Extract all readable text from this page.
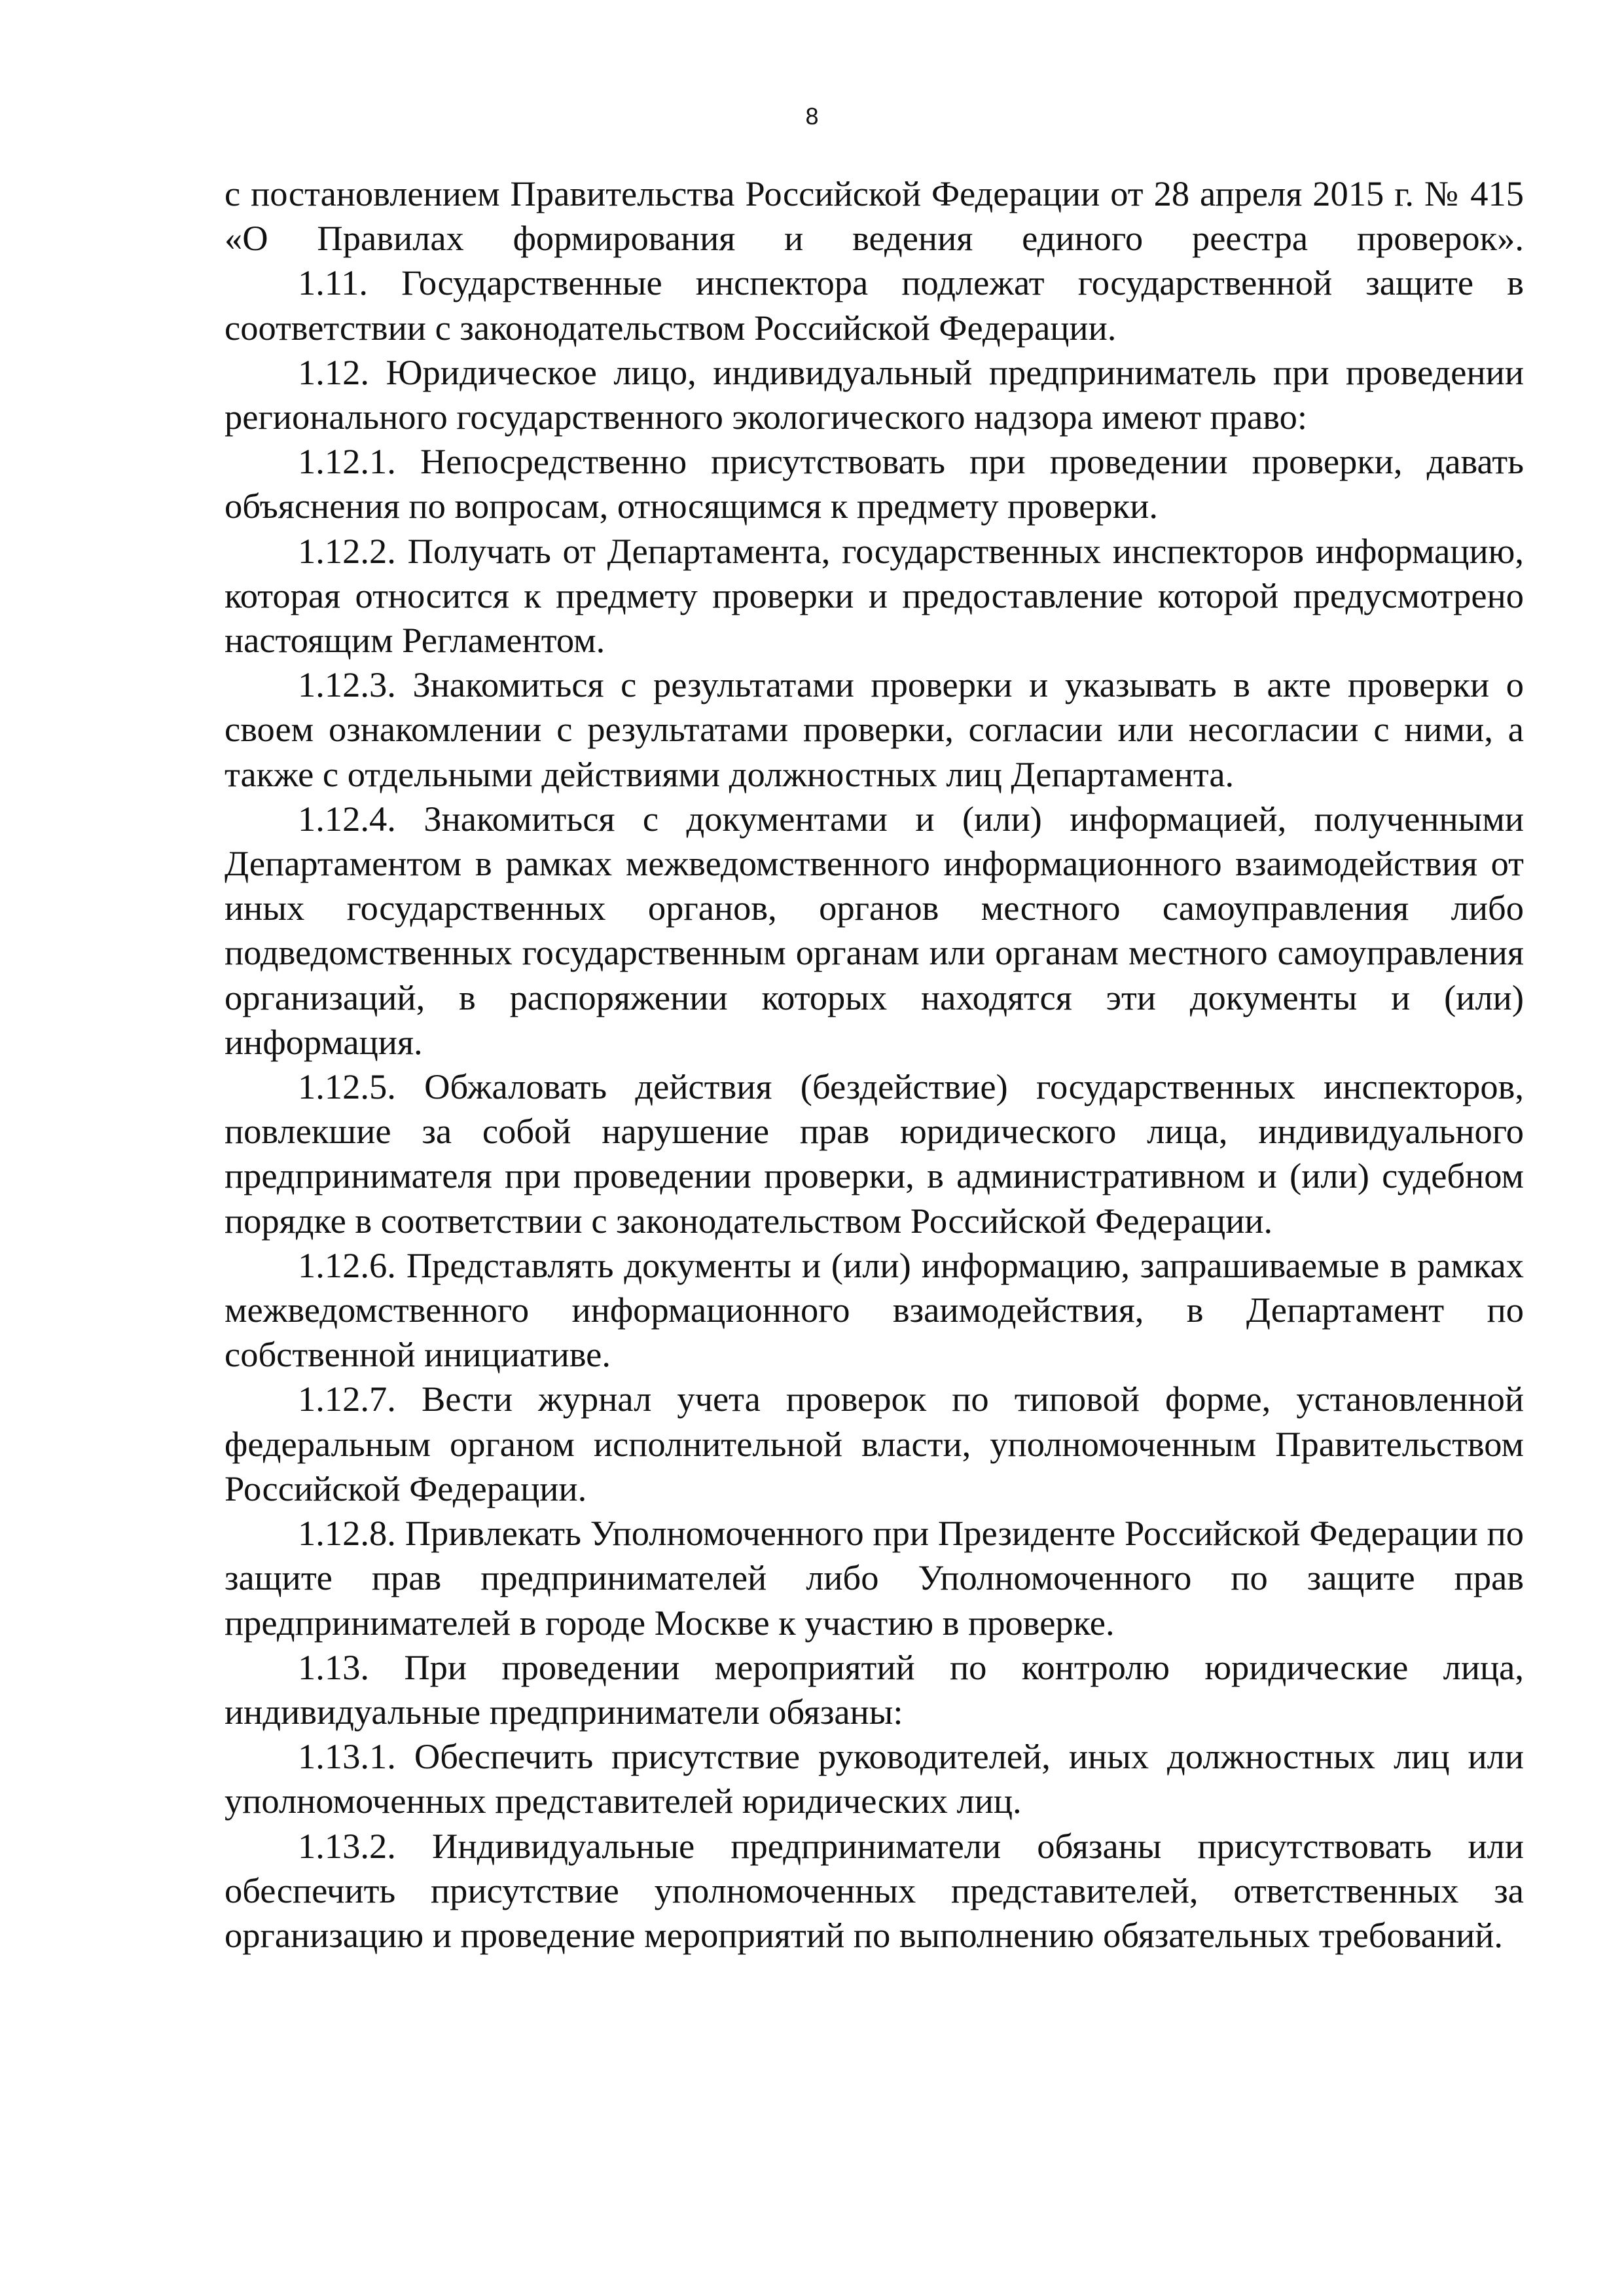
8

с постановлением Правительства Российской Федерации от 28 апреля 2015 г. № 415 «О Правилах формирования и ведения единого реестра проверок».

1.11. Государственные инспектора подлежат государственной защите в соответствии с законодательством Российской Федерации.

1.12. Юридическое лицо, индивидуальный предприниматель при проведении регионального государственного экологического надзора имеют право:

1.12.1. Непосредственно присутствовать при проведении проверки, давать объяснения по вопросам, относящимся к предмету проверки.

1.12.2. Получать от Департамента, государственных инспекторов информацию, которая относится к предмету проверки и предоставление которой предусмотрено настоящим Регламентом.

1.12.3. Знакомиться с результатами проверки и указывать в акте проверки о своем ознакомлении с результатами проверки, согласии или несогласии с ними, а также с отдельными действиями должностных лиц Департамента.

1.12.4. Знакомиться с документами и (или) информацией, полученными Департаментом в рамках межведомственного информационного взаимодействия от иных государственных органов, органов местного самоуправления либо подведомственных государственным органам или органам местного самоуправления организаций, в распоряжении которых находятся эти документы и (или) информация.

1.12.5. Обжаловать действия (бездействие) государственных инспекторов, повлекшие за собой нарушение прав юридического лица, индивидуального предпринимателя при проведении проверки, в административном и (или) судебном порядке в соответствии с законодательством Российской Федерации.

1.12.6. Представлять документы и (или) информацию, запрашиваемые в рамках межведомственного информационного взаимодействия, в Департамент по собственной инициативе.

1.12.7. Вести журнал учета проверок по типовой форме, установленной федеральным органом исполнительной власти, уполномоченным Правительством Российской Федерации.

1.12.8. Привлекать Уполномоченного при Президенте Российской Федерации по защите прав предпринимателей либо Уполномоченного по защите прав предпринимателей в городе Москве к участию в проверке.

1.13. При проведении мероприятий по контролю юридические лица, индивидуальные предприниматели обязаны:

1.13.1. Обеспечить присутствие руководителей, иных должностных лиц или уполномоченных представителей юридических лиц.

1.13.2. Индивидуальные предприниматели обязаны присутствовать или обеспечить присутствие уполномоченных представителей, ответственных за организацию и проведение мероприятий по выполнению обязательных требований.
